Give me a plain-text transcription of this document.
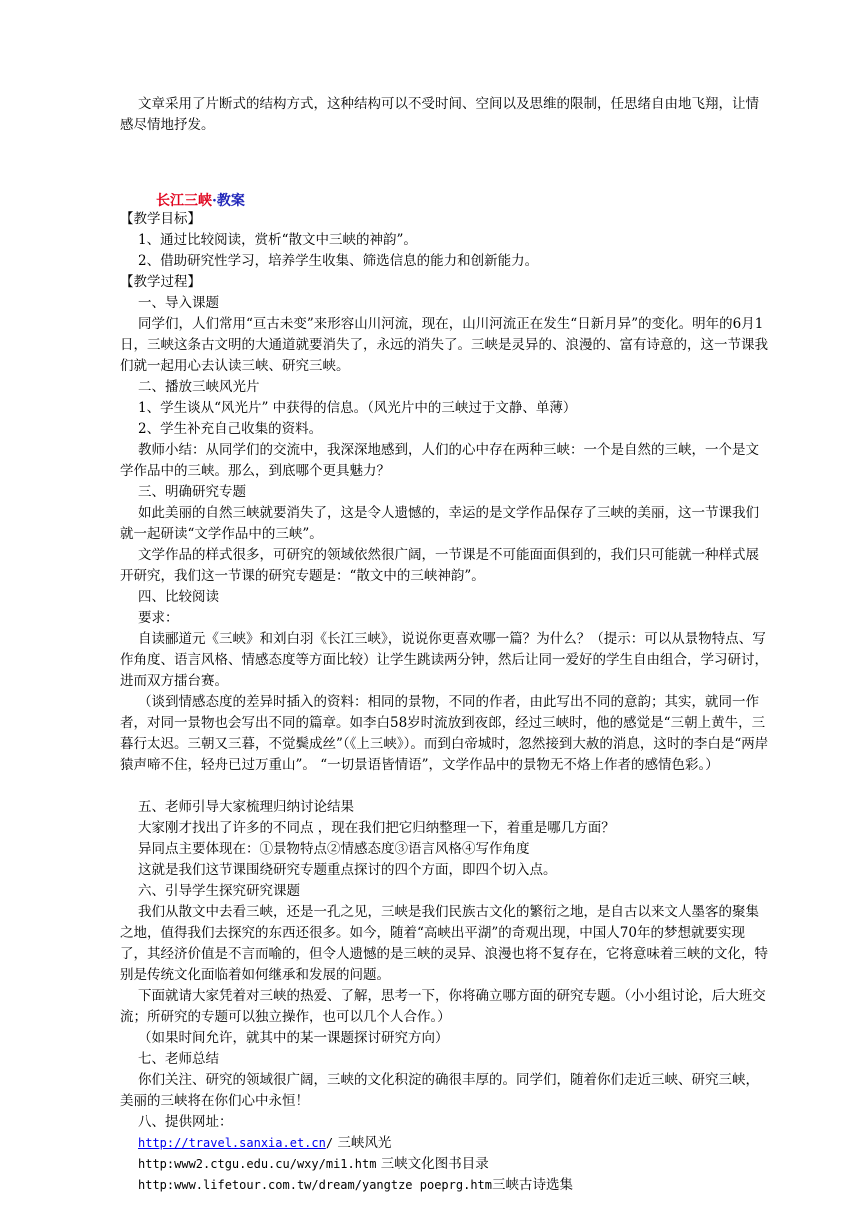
文章采用了片断式的结构方式，这种结构可以不受时间、空间以及思维的限制，任思绪自由地飞翔，让情感尽情地抒发。

长江三峡·教案

【教学目标】

1、通过比较阅读，赏析“散文中三峡的神韵”。

2、借助研究性学习，培养学生收集、筛选信息的能力和创新能力。

【教学过程】

一、导入课题

同学们，人们常用“亘古未变”来形容山川河流，现在，山川河流正在发生“日新月异”的变化。明年的6月1日，三峡这条古文明的大通道就要消失了，永远的消失了。三峡是灵异的、浪漫的、富有诗意的，这一节课我们就一起用心去认读三峡、研究三峡。

二、播放三峡风光片

1、学生谈从“风光片” 中获得的信息。（风光片中的三峡过于文静、单薄）

2、学生补充自己收集的资料。

教师小结：从同学们的交流中，我深深地感到，人们的心中存在两种三峡：一个是自然的三峡，一个是文学作品中的三峡。那么，到底哪个更具魅力？

三、明确研究专题

如此美丽的自然三峡就要消失了，这是令人遗憾的，幸运的是文学作品保存了三峡的美丽，这一节课我们就一起研读“文学作品中的三峡”。

文学作品的样式很多，可研究的领域依然很广阔，一节课是不可能面面俱到的，我们只可能就一种样式展开研究，我们这一节课的研究专题是：“散文中的三峡神韵”。

四、比较阅读

要求：

自读郦道元《三峡》和刘白羽《长江三峡》，说说你更喜欢哪一篇？为什么？（提示：可以从景物特点、写作角度、语言风格、情感态度等方面比较）让学生跳读两分钟，然后让同一爱好的学生自由组合，学习研讨，进而双方擂台赛。

（谈到情感态度的差异时插入的资料：相同的景物，不同的作者，由此写出不同的意韵；其实，就同一作者，对同一景物也会写出不同的篇章。如李白58岁时流放到夜郎，经过三峡时，他的感觉是“三朝上黄牛，三暮行太迟。三朝又三暮，不觉鬓成丝”（《上三峡》）。而到白帝城时，忽然接到大赦的消息，这时的李白是“两岸猿声啼不住，轻舟已过万重山”。 “一切景语皆情语”，文学作品中的景物无不烙上作者的感情色彩。）

五、老师引导大家梳理归纳讨论结果

大家刚才找出了许多的不同点 ，现在我们把它归纳整理一下，着重是哪几方面？

异同点主要体现在：①景物特点②情感态度③语言风格④写作角度

这就是我们这节课围绕研究专题重点探讨的四个方面，即四个切入点。

六、引导学生探究研究课题

我们从散文中去看三峡，还是一孔之见，三峡是我们民族古文化的繁衍之地，是自古以来文人墨客的聚集之地，值得我们去探究的东西还很多。如今，随着“高峡出平湖”的奇观出现，中国人70年的梦想就要实现了，其经济价值是不言而喻的，但令人遗憾的是三峡的灵异、浪漫也将不复存在，它将意味着三峡的文化，特别是传统文化面临着如何继承和发展的问题。

下面就请大家凭着对三峡的热爱、了解，思考一下，你将确立哪方面的研究专题。（小小组讨论，后大班交流；所研究的专题可以独立操作，也可以几个人合作。）

（如果时间允许，就其中的某一课题探讨研究方向）

七、老师总结

你们关注、研究的领域很广阔，三峡的文化积淀的确很丰厚的。同学们，随着你们走近三峡、研究三峡，美丽的三峡将在你们心中永恒！

八、提供网址：

http://travel.sanxia.et.cn/ 三峡风光

http:www2.ctgu.edu.cu/wxy/mi1.htm 三峡文化图书目录

http:www.lifetour.com.tw/dream/yangtze poeprg.htm三峡古诗选集
